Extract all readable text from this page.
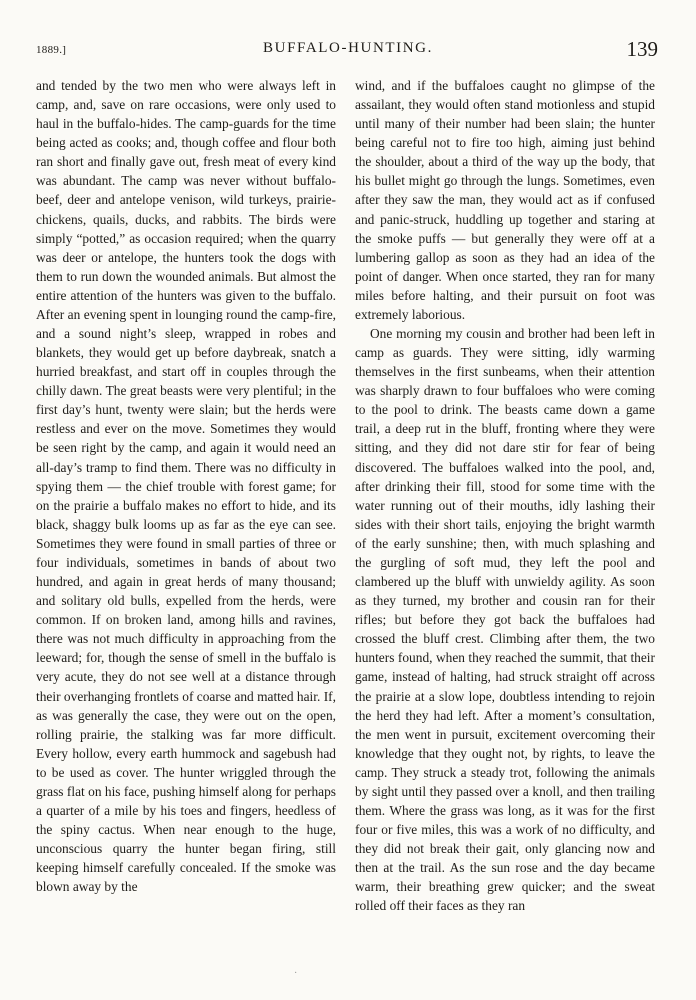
1889.]	BUFFALO-HUNTING.	139

and tended by the two men who were always left in camp, and, save on rare occasions, were only used to haul in the buffalo-hides. The camp-guards for the time being acted as cooks; and, though coffee and flour both ran short and finally gave out, fresh meat of every kind was abundant. The camp was never without buffalo-beef, deer and antelope venison, wild turkeys, prairie-chickens, quails, ducks, and rabbits. The birds were simply “potted,” as occasion required; when the quarry was deer or antelope, the hunters took the dogs with them to run down the wounded animals. But almost the entire attention of the hunters was given to the buffalo. After an evening spent in lounging round the camp-fire, and a sound night’s sleep, wrapped in robes and blankets, they would get up before daybreak, snatch a hurried breakfast, and start off in couples through the chilly dawn. The great beasts were very plentiful; in the first day’s hunt, twenty were slain; but the herds were restless and ever on the move. Sometimes they would be seen right by the camp, and again it would need an all-day’s tramp to find them. There was no difficulty in spying them — the chief trouble with forest game; for on the prairie a buffalo makes no effort to hide, and its black, shaggy bulk looms up as far as the eye can see. Sometimes they were found in small parties of three or four individuals, sometimes in bands of about two hundred, and again in great herds of many thousand; and solitary old bulls, expelled from the herds, were common. If on broken land, among hills and ravines, there was not much difficulty in approaching from the leeward; for, though the sense of smell in the buffalo is very acute, they do not see well at a distance through their overhanging frontlets of coarse and matted hair. If, as was generally the case, they were out on the open, rolling prairie, the stalking was far more difficult. Every hollow, every earth hummock and sagebush had to be used as cover. The hunter wriggled through the grass flat on his face, pushing himself along for perhaps a quarter of a mile by his toes and fingers, heedless of the spiny cactus. When near enough to the huge, unconscious quarry the hunter began firing, still keeping himself carefully concealed. If the smoke was blown away by the

wind, and if the buffaloes caught no glimpse of the assailant, they would often stand motionless and stupid until many of their number had been slain; the hunter being careful not to fire too high, aiming just behind the shoulder, about a third of the way up the body, that his bullet might go through the lungs. Sometimes, even after they saw the man, they would act as if confused and panic-struck, huddling up together and staring at the smoke puffs — but generally they were off at a lumbering gallop as soon as they had an idea of the point of danger. When once started, they ran for many miles before halting, and their pursuit on foot was extremely laborious.

One morning my cousin and brother had been left in camp as guards. They were sitting, idly warming themselves in the first sunbeams, when their attention was sharply drawn to four buffaloes who were coming to the pool to drink. The beasts came down a game trail, a deep rut in the bluff, fronting where they were sitting, and they did not dare stir for fear of being discovered. The buffaloes walked into the pool, and, after drinking their fill, stood for some time with the water running out of their mouths, idly lashing their sides with their short tails, enjoying the bright warmth of the early sunshine; then, with much splashing and the gurgling of soft mud, they left the pool and clambered up the bluff with unwieldy agility. As soon as they turned, my brother and cousin ran for their rifles; but before they got back the buffaloes had crossed the bluff crest. Climbing after them, the two hunters found, when they reached the summit, that their game, instead of halting, had struck straight off across the prairie at a slow lope, doubtless intending to rejoin the herd they had left. After a moment’s consultation, the men went in pursuit, excitement overcoming their knowledge that they ought not, by rights, to leave the camp. They struck a steady trot, following the animals by sight until they passed over a knoll, and then trailing them. Where the grass was long, as it was for the first four or five miles, this was a work of no difficulty, and they did not break their gait, only glancing now and then at the trail. As the sun rose and the day became warm, their breathing grew quicker; and the sweat rolled off their faces as they ran

·
